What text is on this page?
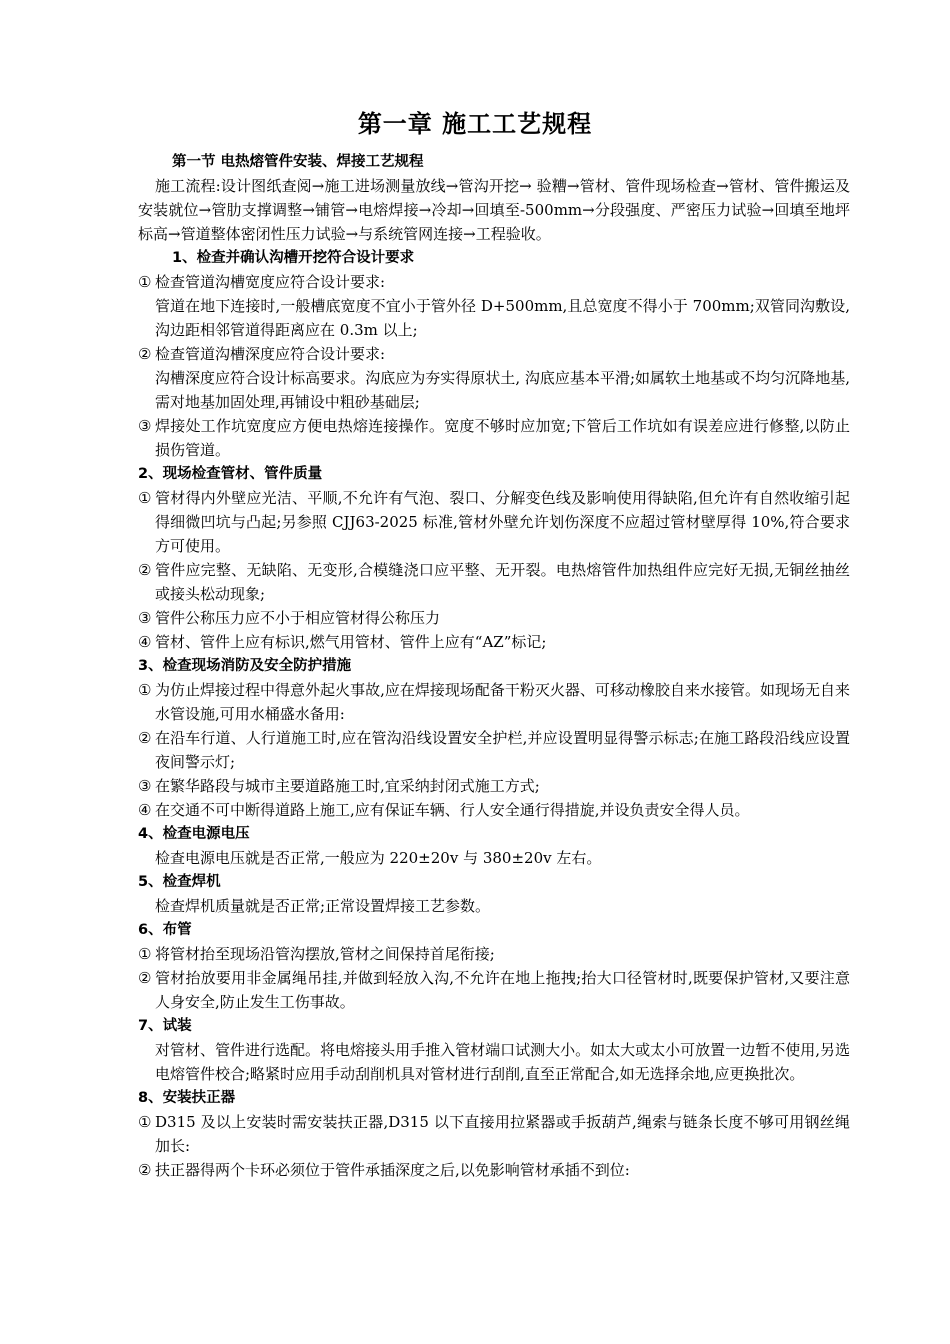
第一章 施工工艺规程
第一节 电热熔管件安装、焊接工艺规程
施工流程:设计图纸查阅→施工进场测量放线→管沟开挖→ 验糟→管材、管件现场检查→管材、管件搬运及安装就位→管肋支撑调整→铺管→电熔焊接→冷却→回填至-500mm→分段强度、严密压力试验→回填至地坪标高→管道整体密闭性压力试验→与系统管网连接→工程验收。
1、检查并确认沟槽开挖符合设计要求
① 检查管道沟槽宽度应符合设计要求:
管道在地下连接时,一般槽底宽度不宜小于管外径 D+500mm,且总宽度不得小于 700mm;双管同沟敷设,沟边距相邻管道得距离应在 0.3m 以上;
② 检查管道沟槽深度应符合设计要求:
沟槽深度应符合设计标高要求。沟底应为夯实得原状土, 沟底应基本平滑;如属软土地基或不均匀沉降地基,需对地基加固处理,再铺设中粗砂基础层;
③ 焊接处工作坑宽度应方便电热熔连接操作。宽度不够时应加宽;下管后工作坑如有误差应进行修整,以防止损伤管道。
2、现场检查管材、管件质量
① 管材得内外壁应光洁、平顺,不允许有气泡、裂口、分解变色线及影响使用得缺陷,但允许有自然收缩引起得细微凹坑与凸起;另参照 CJJ63-2025 标准,管材外壁允许划伤深度不应超过管材壁厚得 10%,符合要求方可使用。
② 管件应完整、无缺陷、无变形,合模缝浇口应平整、无开裂。电热熔管件加热组件应完好无损,无铜丝抽丝或接头松动现象;
③ 管件公称压力应不小于相应管材得公称压力
④ 管材、管件上应有标识,燃气用管材、管件上应有“AZ”标记;
3、检查现场消防及安全防护措施
① 为仿止焊接过程中得意外起火事故,应在焊接现场配备干粉灭火器、可移动橡胶自来水接管。如现场无自来水管设施,可用水桶盛水备用:
② 在沿车行道、人行道施工时,应在管沟沿线设置安全护栏,并应设置明显得警示标志;在施工路段沿线应设置夜间警示灯;
③ 在繁华路段与城市主要道路施工时,宜采纳封闭式施工方式;
④ 在交通不可中断得道路上施工,应有保证车辆、行人安全通行得措旋,并设负责安全得人员。
4、检查电源电压
检查电源电压就是否正常,一般应为 220±20v 与 380±20v 左右。
5、检查焊机
检查焊机质量就是否正常;正常设置焊接工艺参数。
6、布管
① 将管材抬至现场沿管沟摆放,管材之间保持首尾衔接;
② 管材抬放要用非金属绳吊挂,并做到轻放入沟,不允许在地上拖拽;抬大口径管材时,既要保护管材,又要注意人身安全,防止发生工伤事故。
7、试装
对管材、管件进行选配。将电熔接头用手推入管材端口试测大小。如太大或太小可放置一边暂不使用,另选电熔管件校合;略紧时应用手动刮削机具对管材进行刮削,直至正常配合,如无选择余地,应更换批次。
8、安装扶正器
① D315 及以上安装时需安装扶正器,D315 以下直接用拉紧器或手扳葫芦,绳索与链条长度不够可用钢丝绳加长:
② 扶正器得两个卡环必须位于管件承插深度之后,以免影响管材承插不到位:
